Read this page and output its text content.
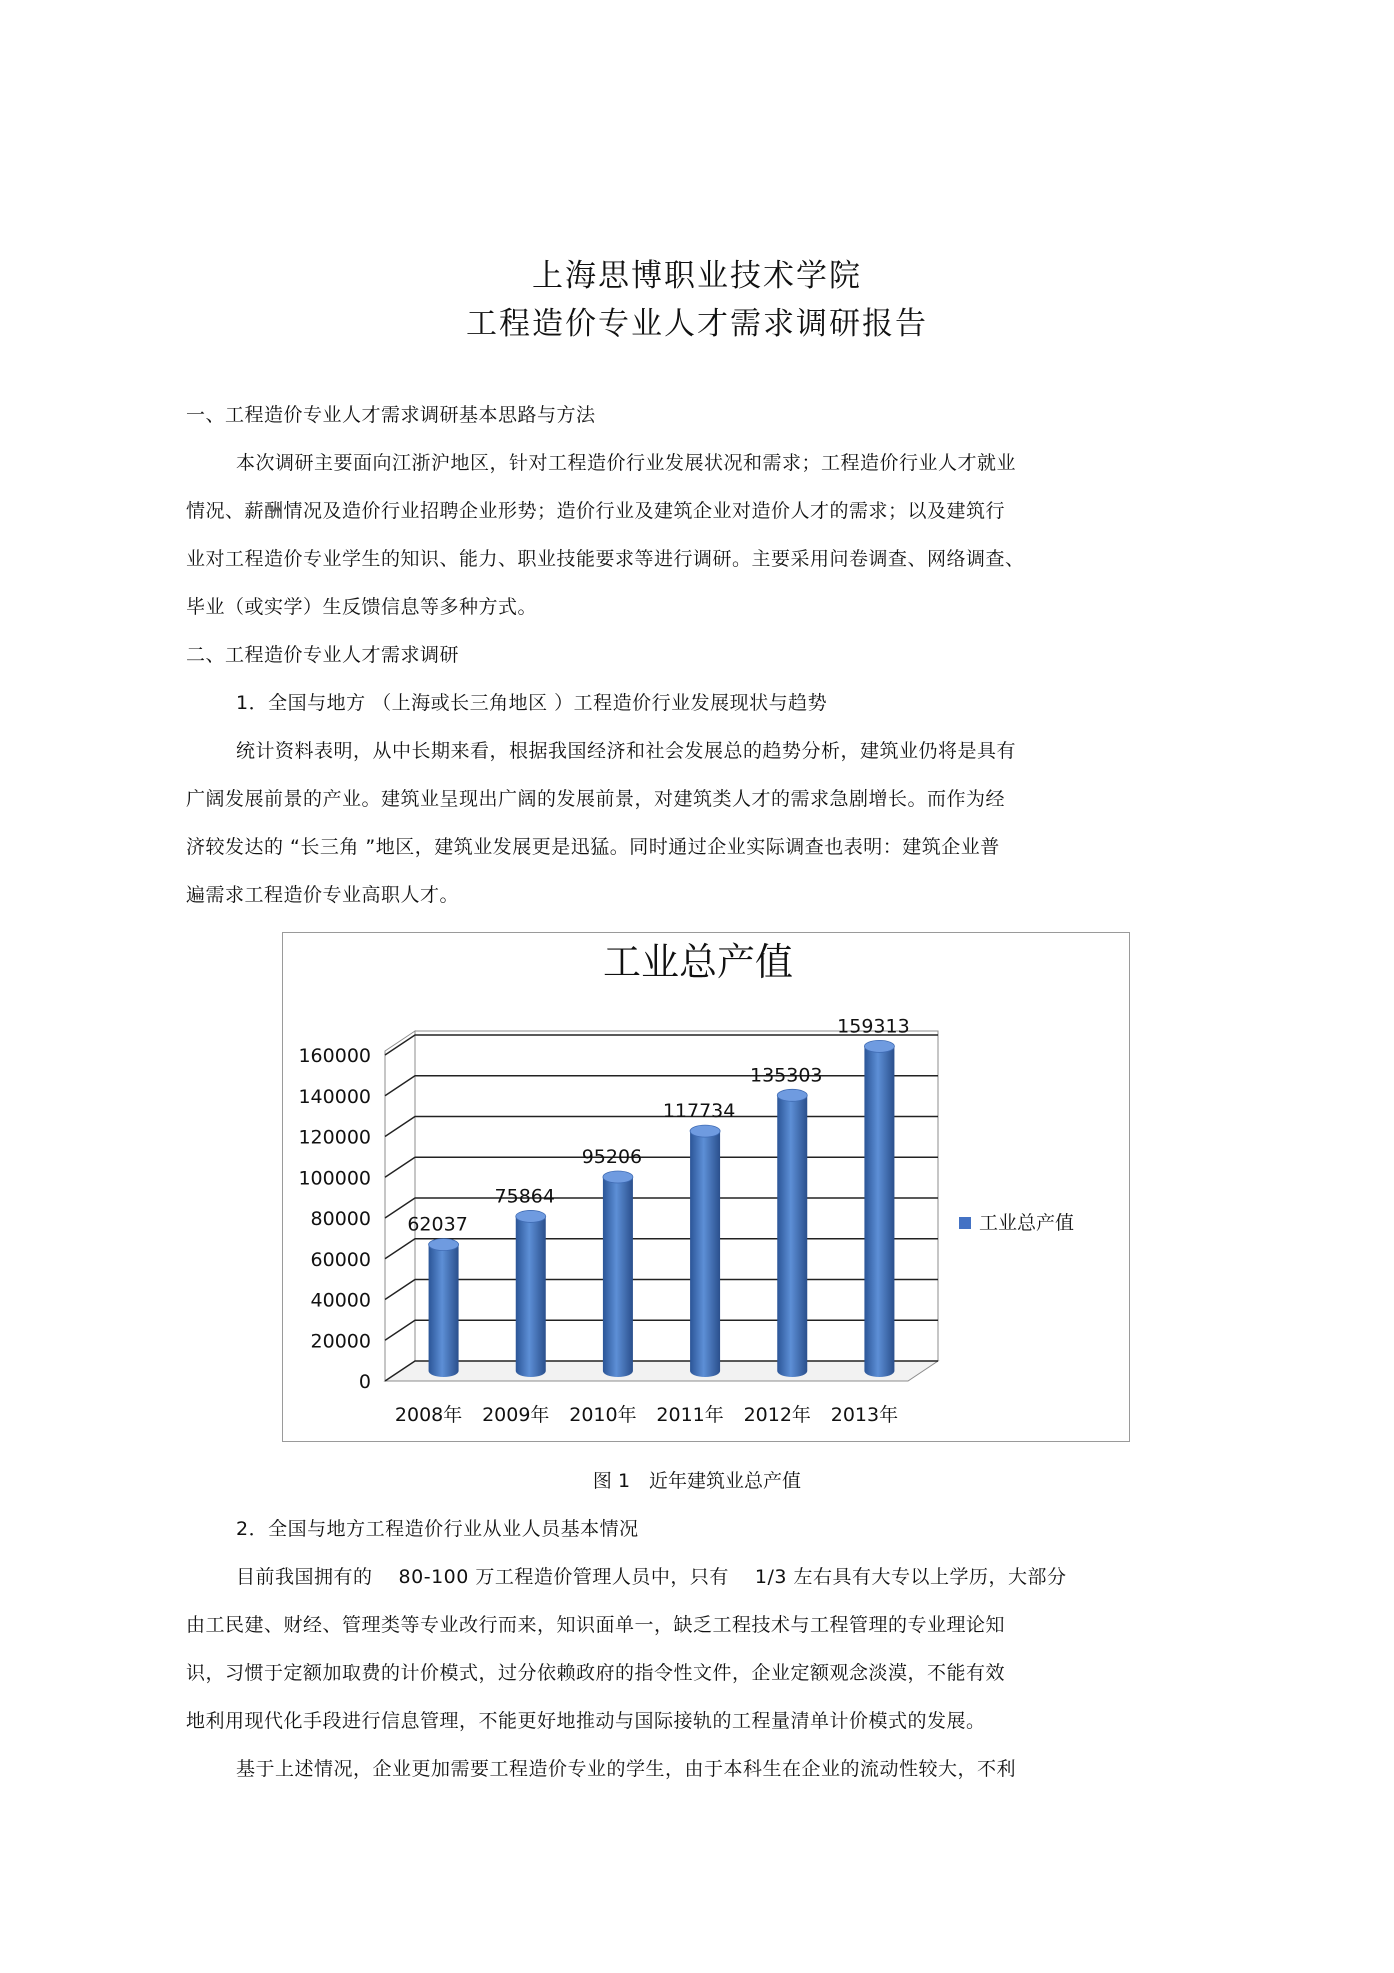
上海思博职业技术学院
工程造价专业人才需求调研报告
一、工程造价专业人才需求调研基本思路与方法
本次调研主要面向江浙沪地区，针对工程造价行业发展状况和需求；工程造价行业人才就业
情况、薪酬情况及造价行业招聘企业形势；造价行业及建筑企业对造价人才的需求；以及建筑行
业对工程造价专业学生的知识、能力、职业技能要求等进行调研。主要采用问卷调查、网络调查、
毕业（或实学）生反馈信息等多种方式。
二、工程造价专业人才需求调研
1．全国与地方 （上海或长三角地区 ）工程造价行业发展现状与趋势
统计资料表明，从中长期来看，根据我国经济和社会发展总的趋势分析，建筑业仍将是具有
广阔发展前景的产业。建筑业呈现出广阔的发展前景，对建筑类人才的需求急剧增长。而作为经
济较发达的 “长三角 ”地区，建筑业发展更是迅猛。同时通过企业实际调查也表明：建筑企业普
遍需求工程造价专业高职人才。
工业总产值
160000
140000
120000
100000
80000
60000
40000
20000
0
62037
2008年
75864
2009年
95206
2010年
117734
2011年
135303
2012年
159313
2013年
工业总产值
图 1　近年建筑业总产值
2．全国与地方工程造价行业从业人员基本情况
目前我国拥有的　 80-100 万工程造价管理人员中，只有　 1/3 左右具有大专以上学历，大部分
由工民建、财经、管理类等专业改行而来，知识面单一，缺乏工程技术与工程管理的专业理论知
识，习惯于定额加取费的计价模式，过分依赖政府的指令性文件，企业定额观念淡漠，不能有效
地利用现代化手段进行信息管理，不能更好地推动与国际接轨的工程量清单计价模式的发展。
基于上述情况，企业更加需要工程造价专业的学生，由于本科生在企业的流动性较大，不利
